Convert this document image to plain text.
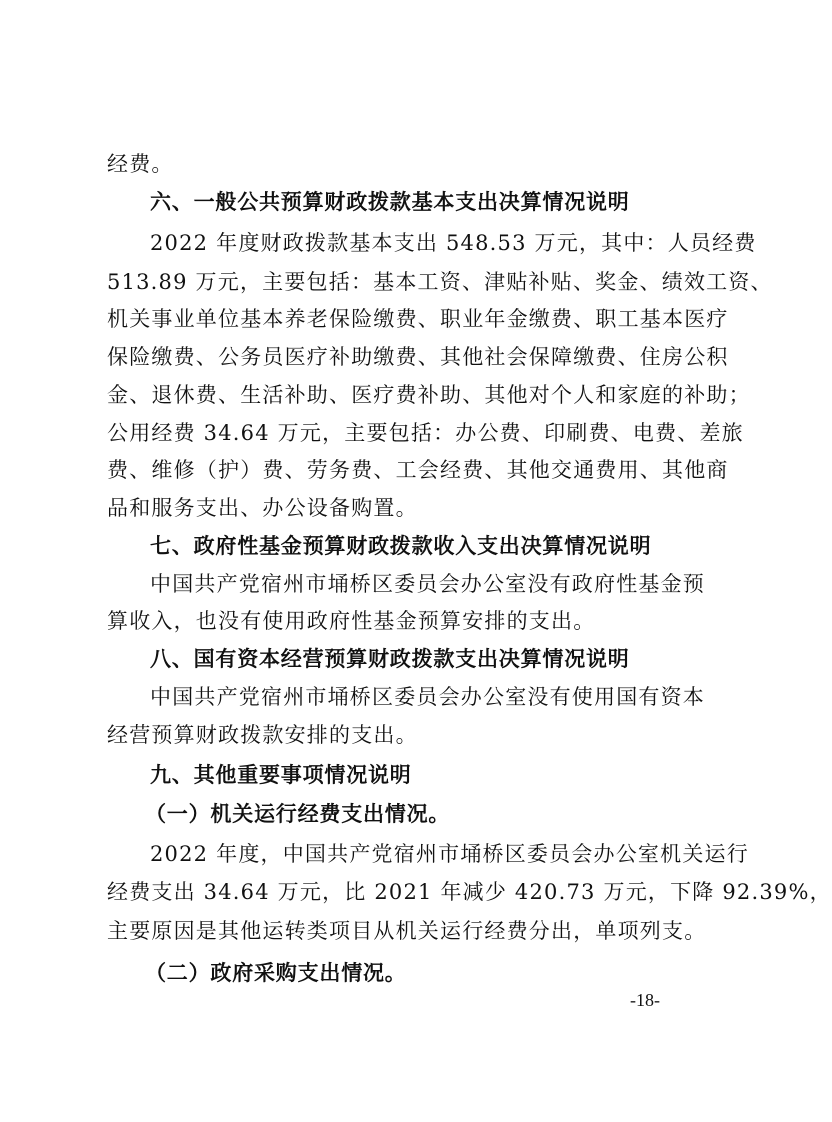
经费。
六、一般公共预算财政拨款基本支出决算情况说明
2022 年度财政拨款基本支出 548.53 万元，其中：人员经费
513.89 万元，主要包括：基本工资、津贴补贴、奖金、绩效工资、
机关事业单位基本养老保险缴费、职业年金缴费、职工基本医疗
保险缴费、公务员医疗补助缴费、其他社会保障缴费、住房公积
金、退休费、生活补助、医疗费补助、其他对个人和家庭的补助；
公用经费 34.64 万元，主要包括：办公费、印刷费、电费、差旅
费、维修（护）费、劳务费、工会经费、其他交通费用、其他商
品和服务支出、办公设备购置。
七、政府性基金预算财政拨款收入支出决算情况说明
中国共产党宿州市埇桥区委员会办公室没有政府性基金预
算收入，也没有使用政府性基金预算安排的支出。
八、国有资本经营预算财政拨款支出决算情况说明
中国共产党宿州市埇桥区委员会办公室没有使用国有资本
经营预算财政拨款安排的支出。
九、其他重要事项情况说明
（一）机关运行经费支出情况。
2022 年度，中国共产党宿州市埇桥区委员会办公室机关运行
经费支出 34.64 万元，比 2021 年减少 420.73 万元，下降 92.39%，
主要原因是其他运转类项目从机关运行经费分出，单项列支。
（二）政府采购支出情况。
-18-
